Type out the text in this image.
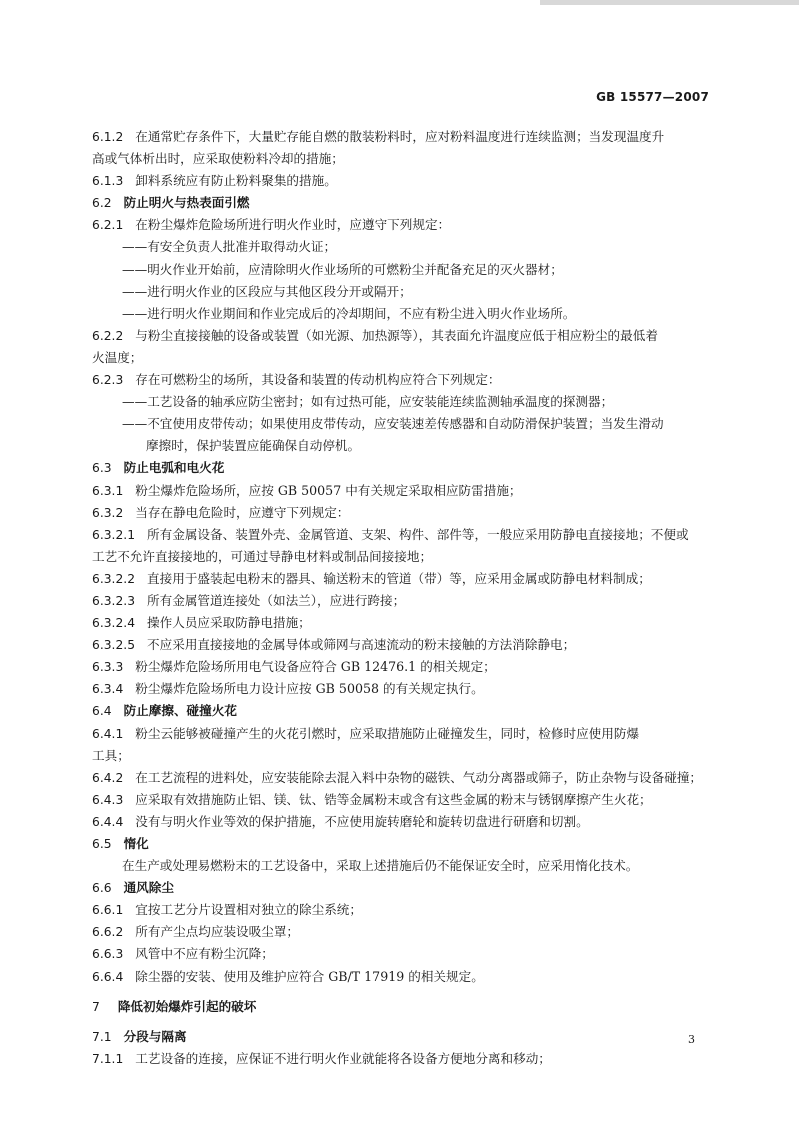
GB 15577—2007
6.1.2 在通常贮存条件下，大量贮存能自燃的散装粉料时，应对粉料温度进行连续监测；当发现温度升
高或气体析出时，应采取使粉料冷却的措施；
6.1.3 卸料系统应有防止粉料聚集的措施。
6.2 防止明火与热表面引燃
6.2.1 在粉尘爆炸危险场所进行明火作业时，应遵守下列规定：
——有安全负责人批准并取得动火证；
——明火作业开始前，应清除明火作业场所的可燃粉尘并配备充足的灭火器材；
——进行明火作业的区段应与其他区段分开或隔开；
——进行明火作业期间和作业完成后的冷却期间，不应有粉尘进入明火作业场所。
6.2.2 与粉尘直接接触的设备或装置（如光源、加热源等），其表面允许温度应低于相应粉尘的最低着
火温度；
6.2.3 存在可燃粉尘的场所，其设备和装置的传动机构应符合下列规定：
——工艺设备的轴承应防尘密封；如有过热可能，应安装能连续监测轴承温度的探测器；
——不宜使用皮带传动；如果使用皮带传动，应安装速差传感器和自动防滑保护装置；当发生滑动
摩擦时，保护装置应能确保自动停机。
6.3 防止电弧和电火花
6.3.1 粉尘爆炸危险场所，应按 GB 50057 中有关规定采取相应防雷措施；
6.3.2 当存在静电危险时，应遵守下列规定：
6.3.2.1 所有金属设备、装置外壳、金属管道、支架、构件、部件等，一般应采用防静电直接接地；不便或
工艺不允许直接接地的，可通过导静电材料或制品间接接地；
6.3.2.2 直接用于盛装起电粉末的器具、输送粉末的管道（带）等，应采用金属或防静电材料制成；
6.3.2.3 所有金属管道连接处（如法兰），应进行跨接；
6.3.2.4 操作人员应采取防静电措施；
6.3.2.5 不应采用直接接地的金属导体或筛网与高速流动的粉末接触的方法消除静电；
6.3.3 粉尘爆炸危险场所用电气设备应符合 GB 12476.1 的相关规定；
6.3.4 粉尘爆炸危险场所电力设计应按 GB 50058 的有关规定执行。
6.4 防止摩擦、碰撞火花
6.4.1 粉尘云能够被碰撞产生的火花引燃时，应采取措施防止碰撞发生，同时，检修时应使用防爆
工具；
6.4.2 在工艺流程的进料处，应安装能除去混入料中杂物的磁铁、气动分离器或筛子，防止杂物与设备碰撞；
6.4.3 应采取有效措施防止铝、镁、钛、锆等金属粉末或含有这些金属的粉末与锈钢摩擦产生火花；
6.4.4 没有与明火作业等效的保护措施，不应使用旋转磨轮和旋转切盘进行研磨和切割。
6.5 惰化
在生产或处理易燃粉末的工艺设备中，采取上述措施后仍不能保证安全时，应采用惰化技术。
6.6 通风除尘
6.6.1 宜按工艺分片设置相对独立的除尘系统；
6.6.2 所有产尘点均应装设吸尘罩；
6.6.3 风管中不应有粉尘沉降；
6.6.4 除尘器的安装、使用及维护应符合 GB/T 17919 的相关规定。
7 降低初始爆炸引起的破坏
7.1 分段与隔离
7.1.1 工艺设备的连接，应保证不进行明火作业就能将各设备方便地分离和移动；
3
